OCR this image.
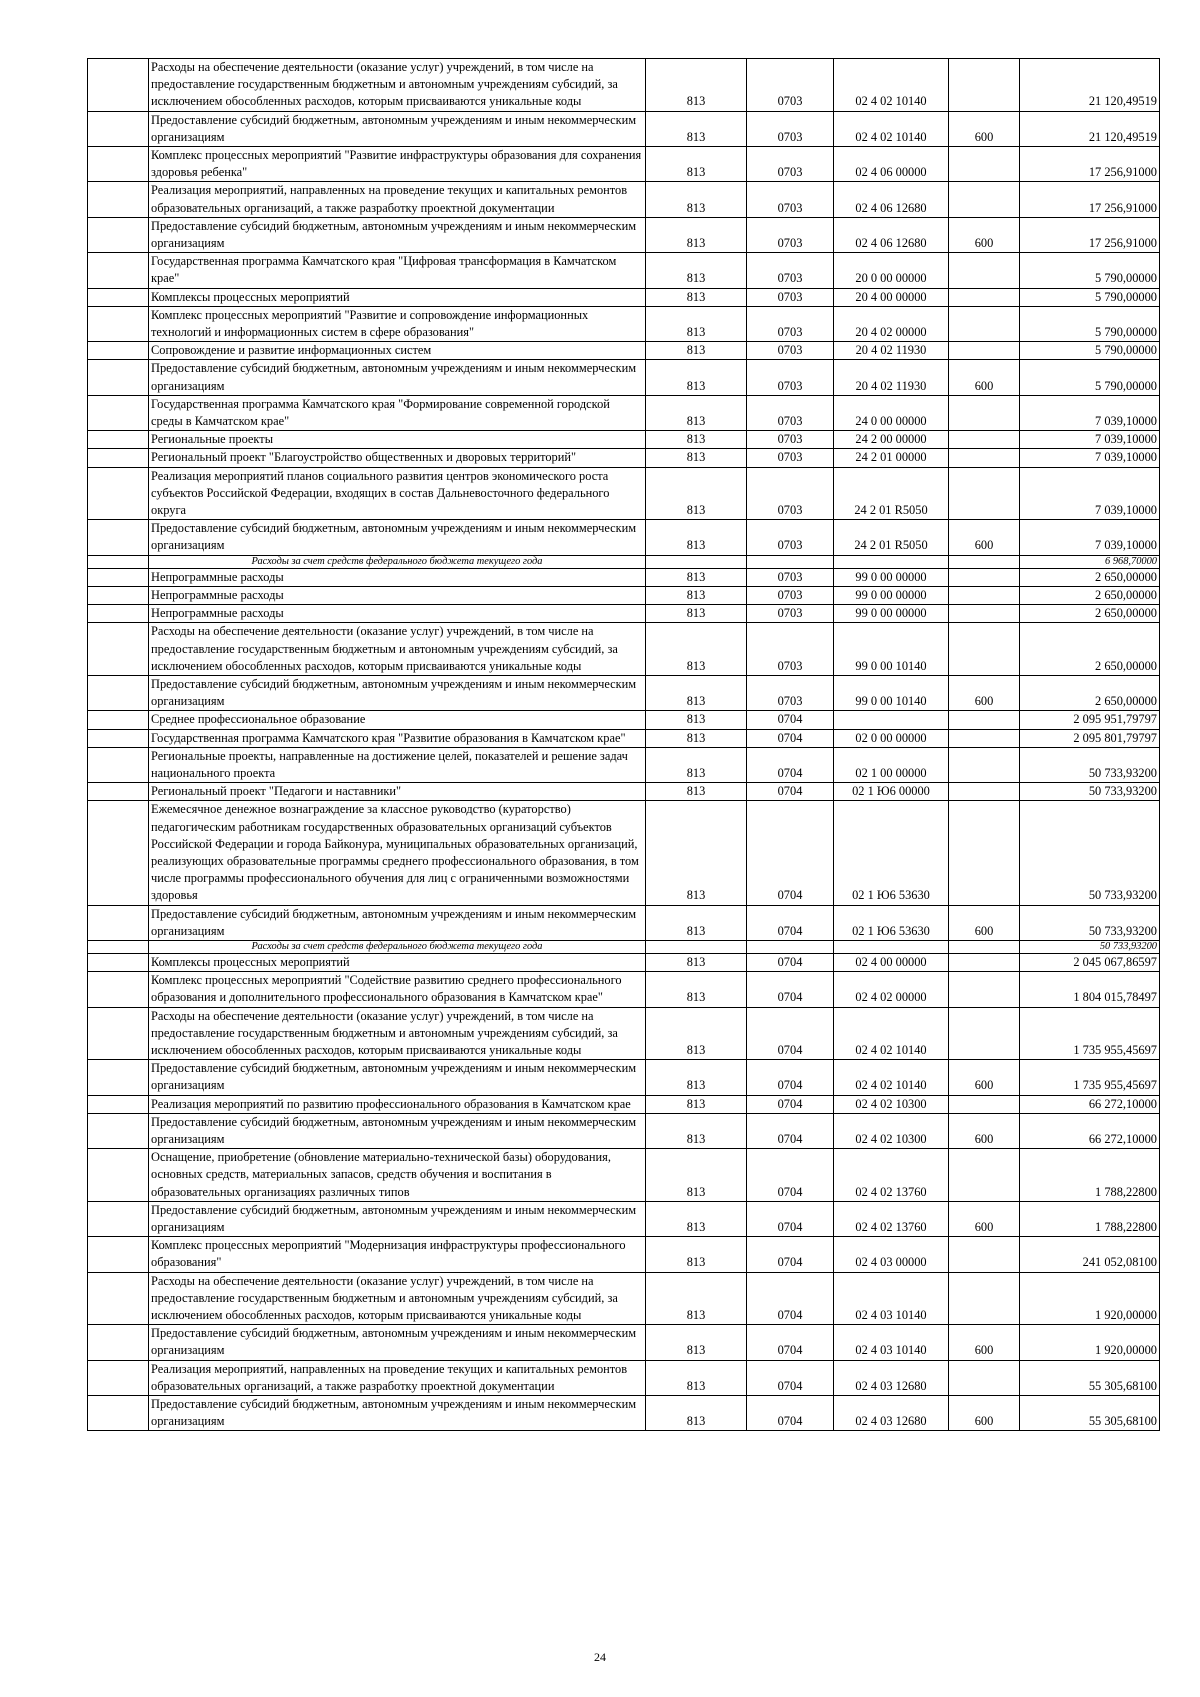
	Расходы на обеспечение деятельности (оказание услуг) учреждений, в том числе на предоставление государственным бюджетным и автономным учреждениям субсидий, за исключением обособленных расходов, которым присваиваются уникальные коды	813	0703	02 4 02 10140		21 120,49519
	Предоставление субсидий бюджетным, автономным учреждениям и иным некоммерческим организациям	813	0703	02 4 02 10140	600	21 120,49519
	Комплекс процессных мероприятий "Развитие инфраструктуры образования для сохранения здоровья ребенка"	813	0703	02 4 06 00000		17 256,91000
	Реализация мероприятий, направленных на проведение текущих и капитальных ремонтов образовательных организаций, а также разработку проектной документации	813	0703	02 4 06 12680		17 256,91000
	Предоставление субсидий бюджетным, автономным учреждениям и иным некоммерческим организациям	813	0703	02 4 06 12680	600	17 256,91000
	Государственная программа Камчатского края "Цифровая трансформация в Камчатском крае"	813	0703	20 0 00 00000		5 790,00000
	Комплексы процессных мероприятий	813	0703	20 4 00 00000		5 790,00000
	Комплекс процессных мероприятий "Развитие и сопровождение информационных технологий и информационных систем в сфере образования"	813	0703	20 4 02 00000		5 790,00000
	Сопровождение и развитие информационных систем	813	0703	20 4 02 11930		5 790,00000
	Предоставление субсидий бюджетным, автономным учреждениям и иным некоммерческим организациям	813	0703	20 4 02 11930	600	5 790,00000
	Государственная программа Камчатского края "Формирование современной городской среды в Камчатском крае"	813	0703	24 0 00 00000		7 039,10000
	Региональные проекты	813	0703	24 2 00 00000		7 039,10000
	Региональный проект "Благоустройство общественных и дворовых территорий"	813	0703	24 2 01 00000		7 039,10000
	Реализация мероприятий планов социального развития центров экономического роста субъектов Российской Федерации, входящих в состав Дальневосточного федерального округа	813	0703	24 2 01 R5050		7 039,10000
	Предоставление субсидий бюджетным, автономным учреждениям и иным некоммерческим организациям	813	0703	24 2 01 R5050	600	7 039,10000
	Расходы за счет средств федерального бюджета текущего года					6 968,70000
	Непрограммные расходы	813	0703	99 0 00 00000		2 650,00000
	Непрограммные расходы	813	0703	99 0 00 00000		2 650,00000
	Непрограммные расходы	813	0703	99 0 00 00000		2 650,00000
	Расходы на обеспечение деятельности (оказание услуг) учреждений, в том числе на предоставление государственным бюджетным и автономным учреждениям субсидий, за исключением обособленных расходов, которым присваиваются уникальные коды	813	0703	99 0 00 10140		2 650,00000
	Предоставление субсидий бюджетным, автономным учреждениям и иным некоммерческим организациям	813	0703	99 0 00 10140	600	2 650,00000
	Среднее профессиональное образование	813	0704			2 095 951,79797
	Государственная программа Камчатского края "Развитие образования в Камчатском крае"	813	0704	02 0 00 00000		2 095 801,79797
	Региональные проекты, направленные на достижение целей, показателей и решение задач национального проекта	813	0704	02 1 00 00000		50 733,93200
	Региональный проект "Педагоги и наставники"	813	0704	02 1 Ю6 00000		50 733,93200
	Ежемесячное денежное вознаграждение за классное руководство (кураторство) педагогическим работникам государственных образовательных организаций субъектов Российской Федерации и города Байконура, муниципальных образовательных организаций, реализующих образовательные программы среднего профессионального образования, в том числе программы профессионального обучения для лиц с ограниченными возможностями здоровья	813	0704	02 1 Ю6 53630		50 733,93200
	Предоставление субсидий бюджетным, автономным учреждениям и иным некоммерческим организациям	813	0704	02 1 Ю6 53630	600	50 733,93200
	Расходы за счет средств федерального бюджета текущего года					50 733,93200
	Комплексы процессных мероприятий	813	0704	02 4 00 00000		2 045 067,86597
	Комплекс процессных мероприятий "Содействие развитию среднего профессионального образования и дополнительного профессионального образования в Камчатском крае"	813	0704	02 4 02 00000		1 804 015,78497
	Расходы на обеспечение деятельности (оказание услуг) учреждений, в том числе на предоставление государственным бюджетным и автономным учреждениям субсидий, за исключением обособленных расходов, которым присваиваются уникальные коды	813	0704	02 4 02 10140		1 735 955,45697
	Предоставление субсидий бюджетным, автономным учреждениям и иным некоммерческим организациям	813	0704	02 4 02 10140	600	1 735 955,45697
	Реализация мероприятий по развитию профессионального образования в Камчатском крае	813	0704	02 4 02 10300		66 272,10000
	Предоставление субсидий бюджетным, автономным учреждениям и иным некоммерческим организациям	813	0704	02 4 02 10300	600	66 272,10000
	Оснащение, приобретение (обновление материально-технической базы) оборудования, основных средств, материальных запасов, средств обучения и воспитания в образовательных организациях различных типов	813	0704	02 4 02 13760		1 788,22800
	Предоставление субсидий бюджетным, автономным учреждениям и иным некоммерческим организациям	813	0704	02 4 02 13760	600	1 788,22800
	Комплекс процессных мероприятий "Модернизация инфраструктуры профессионального образования"	813	0704	02 4 03 00000		241 052,08100
	Расходы на обеспечение деятельности (оказание услуг) учреждений, в том числе на предоставление государственным бюджетным и автономным учреждениям субсидий, за исключением обособленных расходов, которым присваиваются уникальные коды	813	0704	02 4 03 10140		1 920,00000
	Предоставление субсидий бюджетным, автономным учреждениям и иным некоммерческим организациям	813	0704	02 4 03 10140	600	1 920,00000
	Реализация мероприятий, направленных на проведение текущих и капитальных ремонтов образовательных организаций, а также разработку проектной документации	813	0704	02 4 03 12680		55 305,68100
	Предоставление субсидий бюджетным, автономным учреждениям и иным некоммерческим организациям	813	0704	02 4 03 12680	600	55 305,68100
24
